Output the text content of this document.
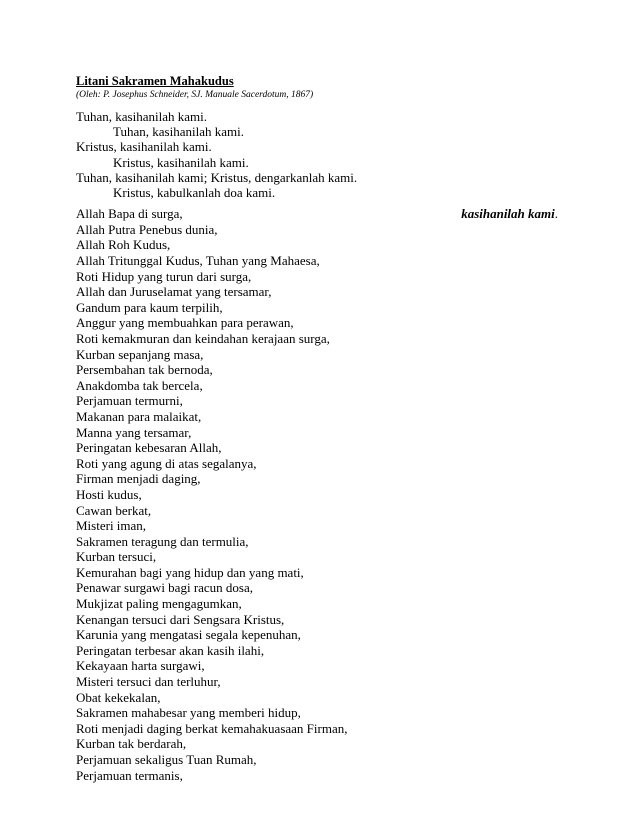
Litani Sakramen Mahakudus

(Oleh: P. Josephus Schneider, SJ. Manuale Sacerdotum, 1867)

Tuhan, kasihanilah kami.

Tuhan, kasihanilah kami.

Kristus, kasihanilah kami.

Kristus, kasihanilah kami.

Tuhan, kasihanilah kami; Kristus, dengarkanlah kami.

Kristus, kabulkanlah doa kami.

kasihanilah kami.

Allah Bapa di surga,

Allah Putra Penebus dunia,

Allah Roh Kudus,

Allah Tritunggal Kudus, Tuhan yang Mahaesa,

Roti Hidup yang turun dari surga,

Allah dan Juruselamat yang tersamar,

Gandum para kaum terpilih,

Anggur yang membuahkan para perawan,

Roti kemakmuran dan keindahan kerajaan surga,

Kurban sepanjang masa,

Persembahan tak bernoda,

Anakdomba tak bercela,

Perjamuan termurni,

Makanan para malaikat,

Manna yang tersamar,

Peringatan kebesaran Allah,

Roti yang agung di atas segalanya,

Firman menjadi daging,

Hosti kudus,

Cawan berkat,

Misteri iman,

Sakramen teragung dan termulia,

Kurban tersuci,

Kemurahan bagi yang hidup dan yang mati,

Penawar surgawi bagi racun dosa,

Mukjizat paling mengagumkan,

Kenangan tersuci dari Sengsara Kristus,

Karunia yang mengatasi segala kepenuhan,

Peringatan terbesar akan kasih ilahi,

Kekayaan harta surgawi,

Misteri tersuci dan terluhur,

Obat kekekalan,

Sakramen mahabesar yang memberi hidup,

Roti menjadi daging berkat kemahakuasaan Firman,

Kurban tak berdarah,

Perjamuan sekaligus Tuan Rumah,

Perjamuan termanis,
